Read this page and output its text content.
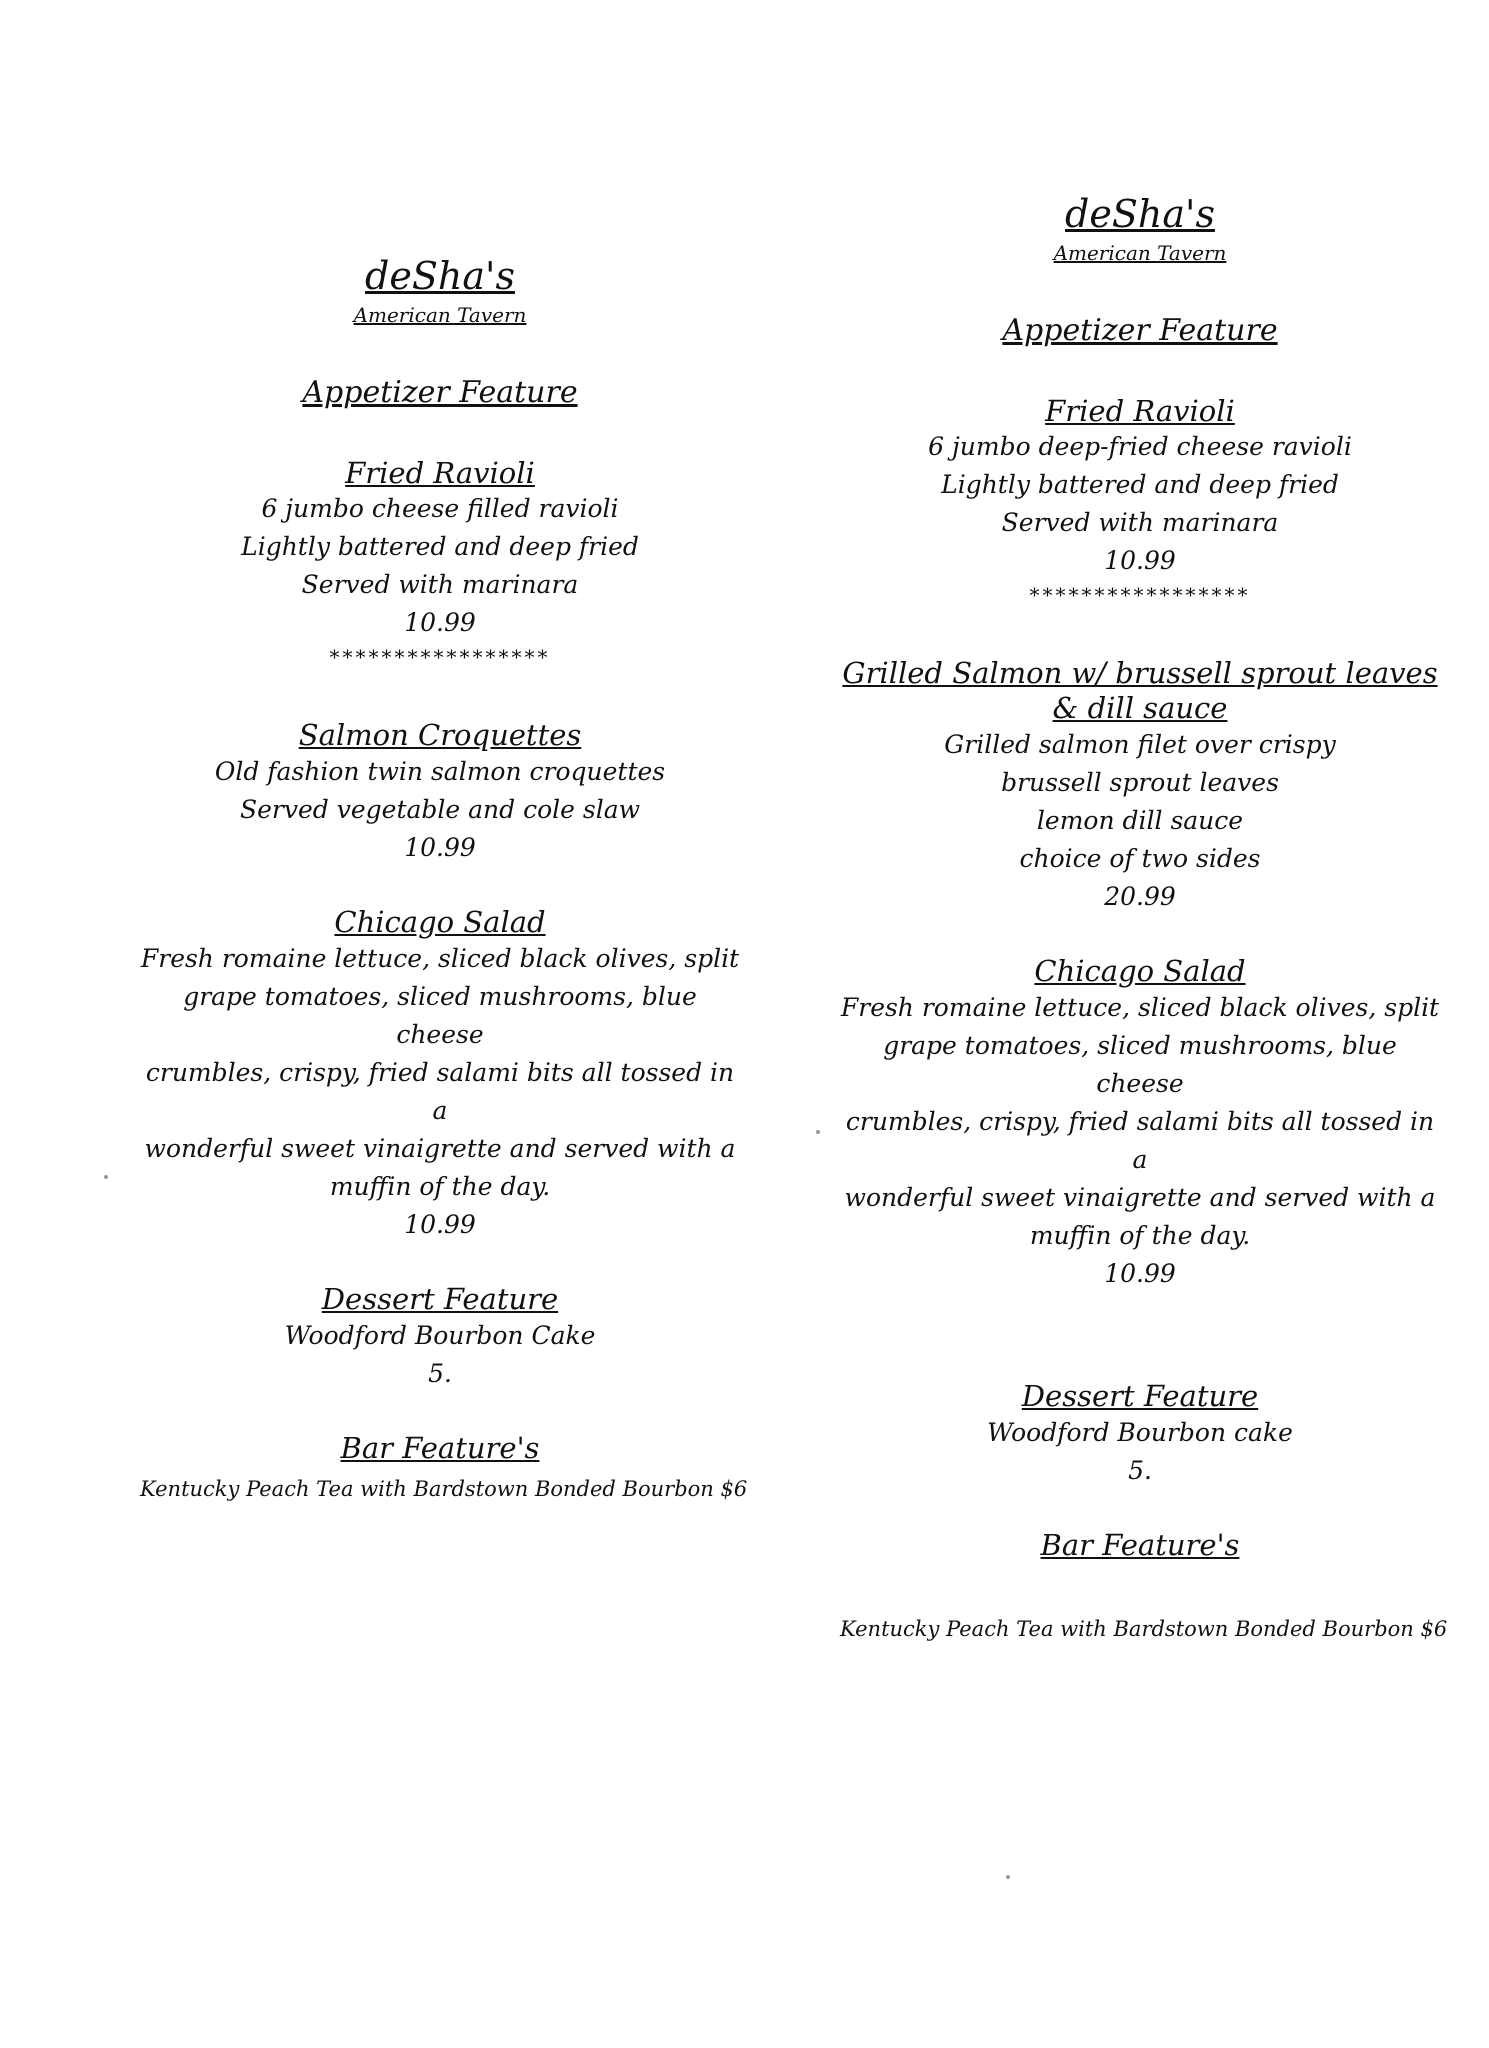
deSha's

American Tavern

Appetizer Feature

Fried Ravioli

6 jumbo cheese filled ravioli

Lightly battered and deep fried

Served with marinara

10.99

*****************

Salmon Croquettes

Old fashion twin salmon croquettes

Served vegetable and cole slaw

10.99

Chicago Salad

Fresh romaine lettuce, sliced black olives, split

grape tomatoes, sliced mushrooms, blue cheese

crumbles, crispy, fried salami bits all tossed in a

wonderful sweet vinaigrette and served with a

muffin of the day.

10.99

Dessert Feature

Woodford Bourbon Cake

5.

Bar Feature's

Kentucky Peach Tea with Bardstown Bonded Bourbon $6

deSha's

American Tavern

Appetizer Feature

Fried Ravioli

6 jumbo deep-fried cheese ravioli

Lightly battered and deep fried

Served with marinara

10.99

*****************

Grilled Salmon w/ brussell sprout leaves

& dill sauce

Grilled salmon filet over crispy

brussell sprout leaves

lemon dill sauce

choice of two sides

20.99

Chicago Salad

Fresh romaine lettuce, sliced black olives, split

grape tomatoes, sliced mushrooms, blue cheese

crumbles, crispy, fried salami bits all tossed in a

wonderful sweet vinaigrette and served with a

muffin of the day.

10.99

Dessert Feature

Woodford Bourbon cake

5.

Bar Feature's

Kentucky Peach Tea with Bardstown Bonded Bourbon $6
